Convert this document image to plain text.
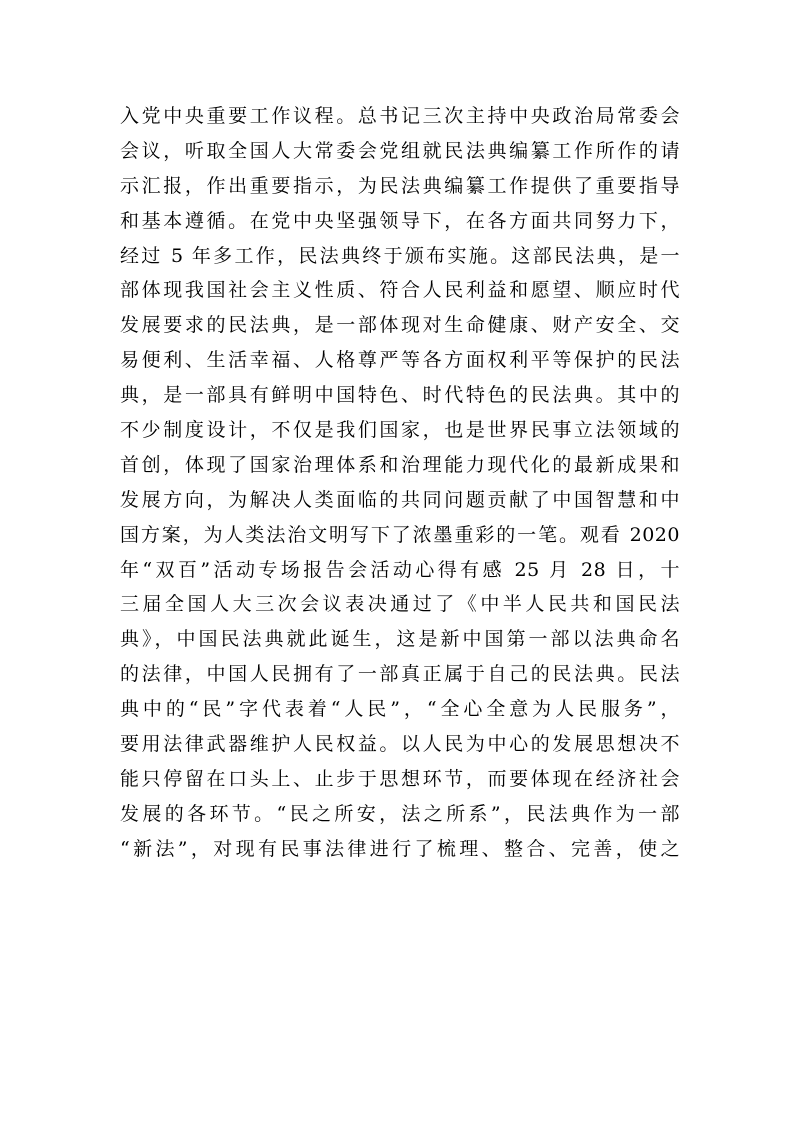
入党中央重要工作议程。总书记三次主持中央政治局常委会
会议，听取全国人大常委会党组就民法典编纂工作所作的请
示汇报，作出重要指示，为民法典编纂工作提供了重要指导
和基本遵循。在党中央坚强领导下，在各方面共同努力下，
经过 5 年多工作，民法典终于颁布实施。这部民法典，是一
部体现我国社会主义性质、符合人民利益和愿望、顺应时代
发展要求的民法典，是一部体现对生命健康、财产安全、交
易便利、生活幸福、人格尊严等各方面权利平等保护的民法
典，是一部具有鲜明中国特色、时代特色的民法典。其中的
不少制度设计，不仅是我们国家，也是世界民事立法领域的
首创，体现了国家治理体系和治理能力现代化的最新成果和
发展方向，为解决人类面临的共同问题贡献了中国智慧和中
国方案，为人类法治文明写下了浓墨重彩的一笔。观看 2020
年“双百”活动专场报告会活动心得有感 25 月 28 日，十
三届全国人大三次会议表决通过了《中半人民共和国民法
典》，中国民法典就此诞生，这是新中国第一部以法典命名
的法律，中国人民拥有了一部真正属于自己的民法典。民法
典中的“民”字代表着“人民”，“全心全意为人民服务”，
要用法律武器维护人民权益。以人民为中心的发展思想决不
能只停留在口头上、止步于思想环节，而要体现在经济社会
发展的各环节。“民之所安，法之所系”，民法典作为一部
“新法”，对现有民事法律进行了梳理、整合、完善，使之
